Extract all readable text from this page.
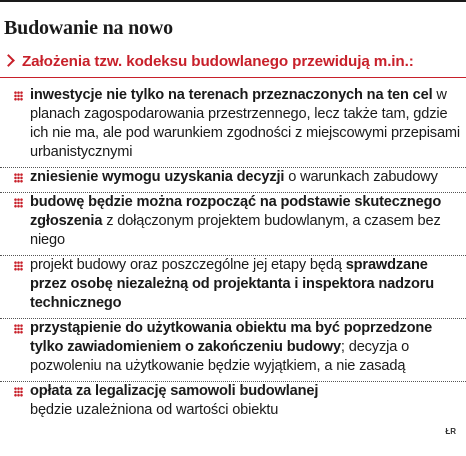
Budowanie na nowo
Założenia tzw. kodeksu budowlanego przewidują m.in.:
inwestycje nie tylko na terenach przeznaczonych na ten cel w planach zagospodarowania przestrzennego, lecz także tam, gdzie ich nie ma, ale pod warunkiem zgodności z miejscowymi przepisami urbanistycznymi
zniesienie wymogu uzyskania decyzji o warunkach zabudowy
budowę będzie można rozpocząć na podstawie skutecznego zgłoszenia z dołączonym projektem budowlanym, a czasem bez niego
projekt budowy oraz poszczególne jej etapy będą sprawdzane przez osobę niezależną od projektanta i inspektora nadzoru technicznego
przystąpienie do użytkowania obiektu ma być poprzedzone tylko zawiadomieniem o zakończeniu budowy; decyzja o pozwoleniu na użytkowanie będzie wyjątkiem, a nie zasadą
opłata za legalizację samowoli budowlanej
będzie uzależniona od wartości obiektu
ŁR
